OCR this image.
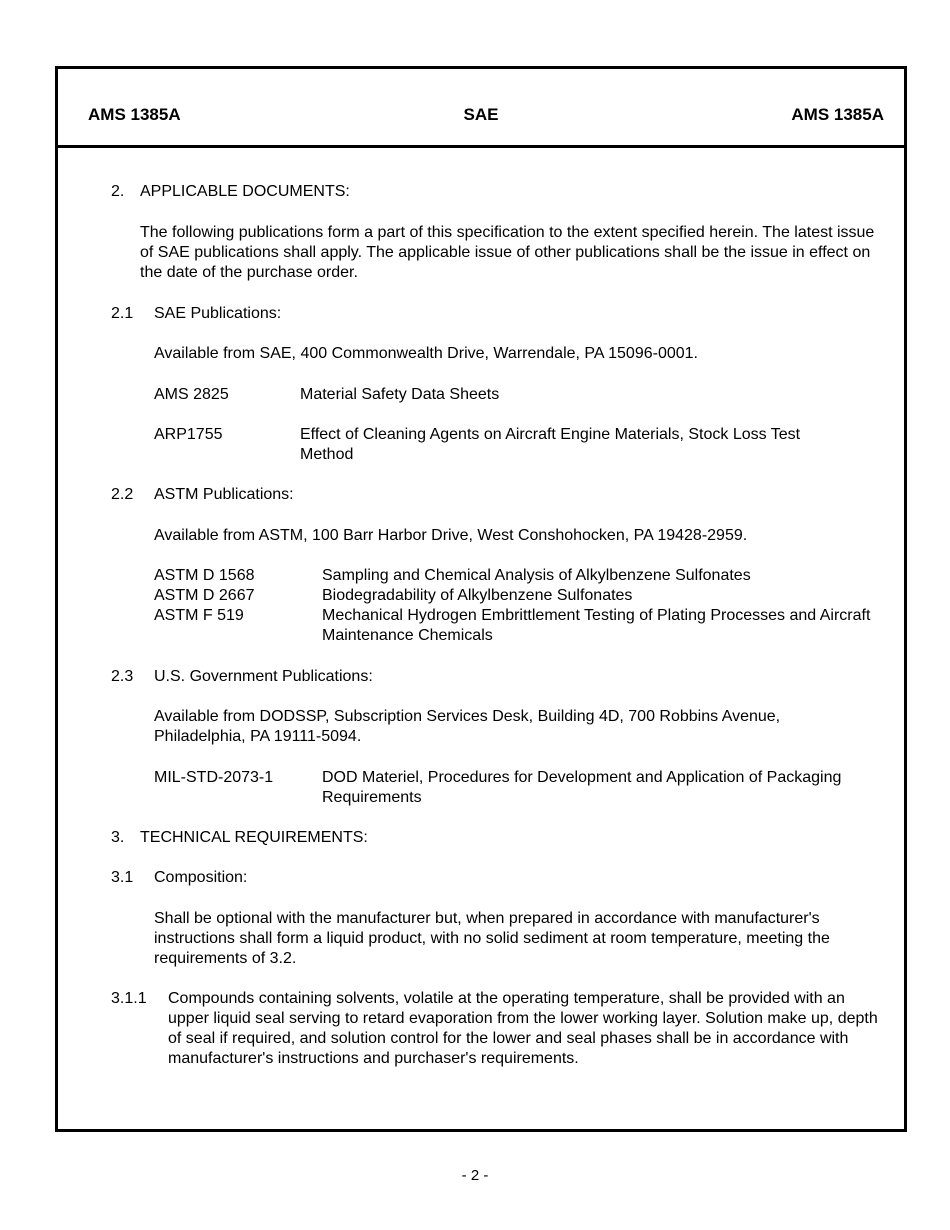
AMS 1385A	SAE	AMS 1385A
2. APPLICABLE DOCUMENTS:
The following publications form a part of this specification to the extent specified herein. The latest issue of SAE publications shall apply. The applicable issue of other publications shall be the issue in effect on the date of the purchase order.
2.1 SAE Publications:
Available from SAE, 400 Commonwealth Drive, Warrendale, PA 15096-0001.
AMS 2825	Material Safety Data Sheets
ARP1755	Effect of Cleaning Agents on Aircraft Engine Materials, Stock Loss Test Method
2.2 ASTM Publications:
Available from ASTM, 100 Barr Harbor Drive, West Conshohocken, PA 19428-2959.
ASTM D 1568	Sampling and Chemical Analysis of Alkylbenzene Sulfonates
ASTM D 2667	Biodegradability of Alkylbenzene Sulfonates
ASTM F 519	Mechanical Hydrogen Embrittlement Testing of Plating Processes and Aircraft Maintenance Chemicals
2.3 U.S. Government Publications:
Available from DODSSP, Subscription Services Desk, Building 4D, 700 Robbins Avenue, Philadelphia, PA 19111-5094.
MIL-STD-2073-1	DOD Materiel, Procedures for Development and Application of Packaging Requirements
3. TECHNICAL REQUIREMENTS:
3.1 Composition:
Shall be optional with the manufacturer but, when prepared in accordance with manufacturer's instructions shall form a liquid product, with no solid sediment at room temperature, meeting the requirements of 3.2.
3.1.1 Compounds containing solvents, volatile at the operating temperature, shall be provided with an upper liquid seal serving to retard evaporation from the lower working layer. Solution make up, depth of seal if required, and solution control for the lower and seal phases shall be in accordance with manufacturer's instructions and purchaser's requirements.
- 2 -
